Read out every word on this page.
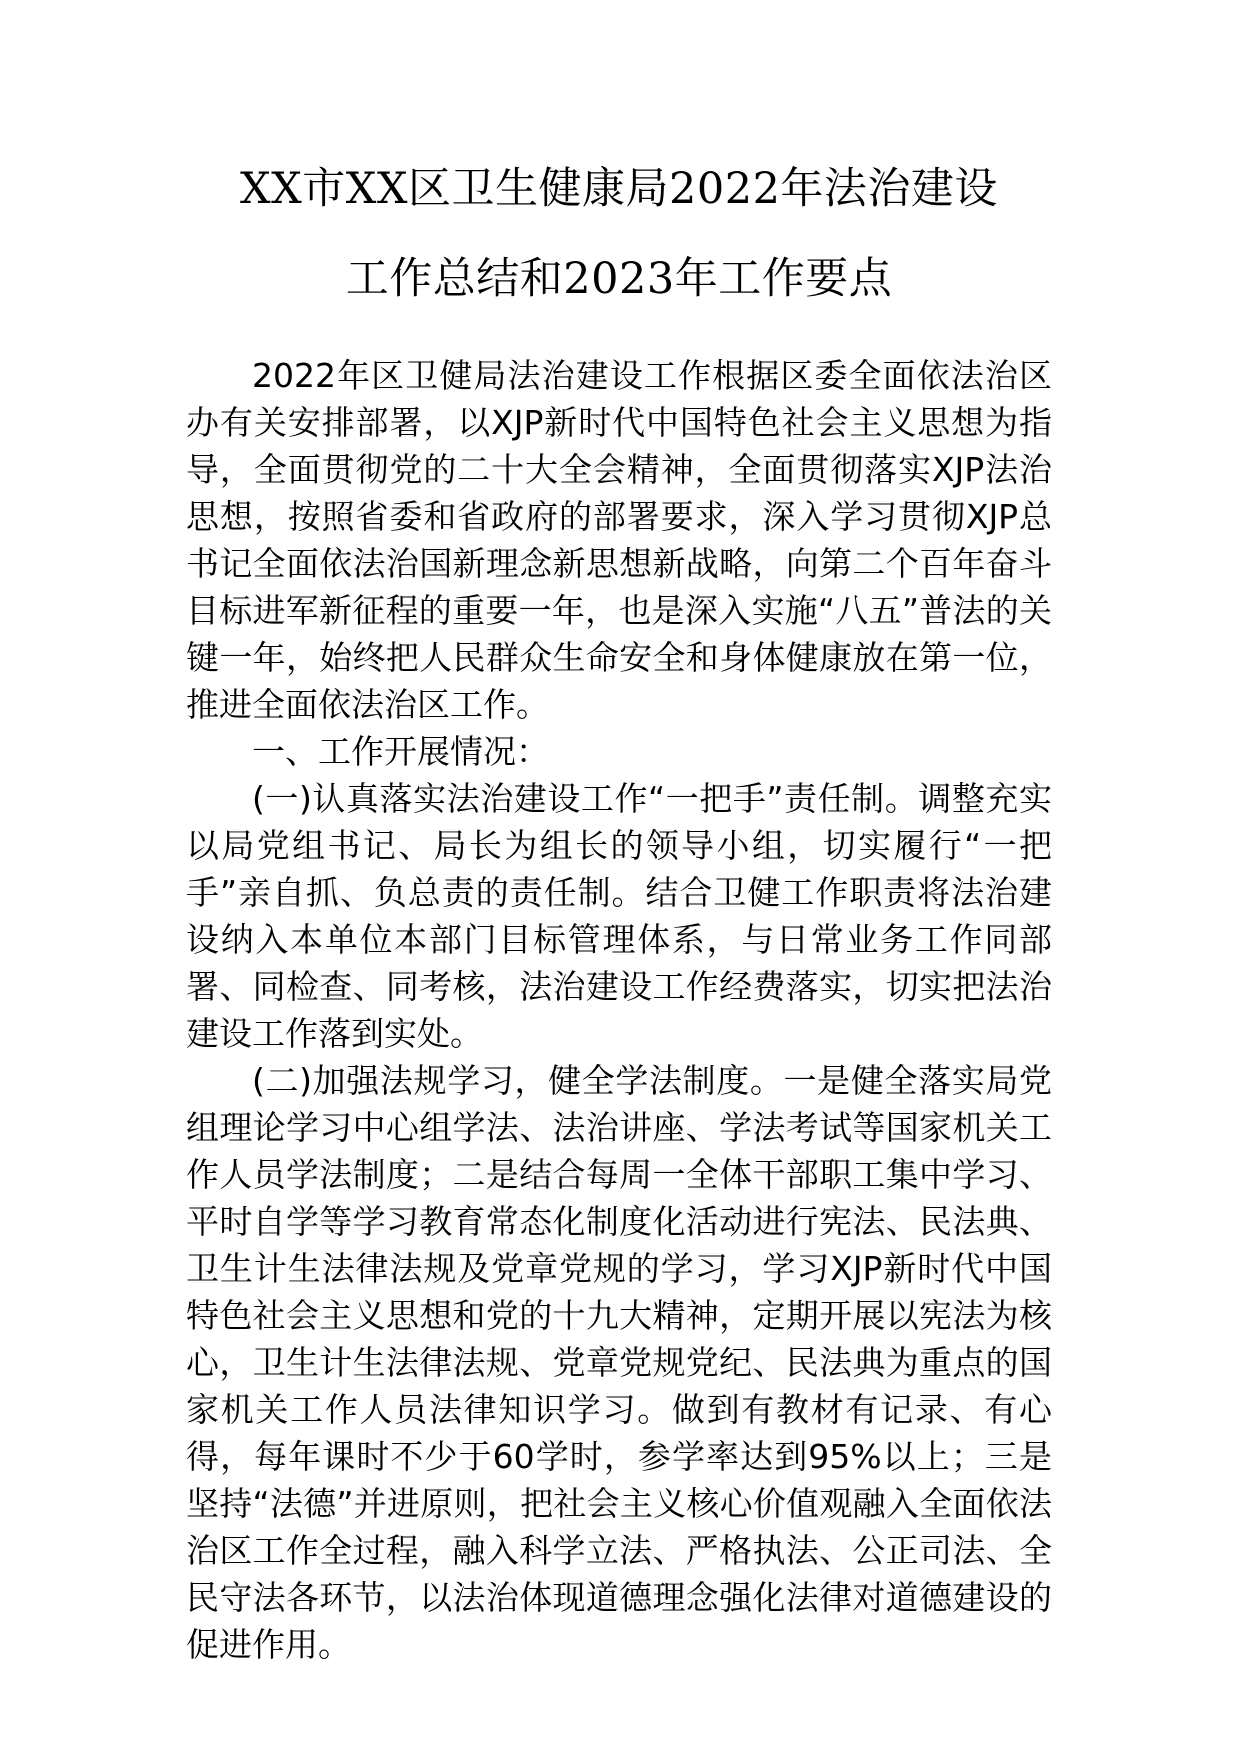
XX市XX区卫生健康局2022年法治建设
工作总结和2023年工作要点

2022年区卫健局法治建设工作根据区委全面依法治区办有关安排部署，以XJP新时代中国特色社会主义思想为指导，全面贯彻党的二十大全会精神，全面贯彻落实XJP法治思想，按照省委和省政府的部署要求，深入学习贯彻XJP总书记全面依法治国新理念新思想新战略，向第二个百年奋斗目标进军新征程的重要一年，也是深入实施“八五”普法的关键一年，始终把人民群众生命安全和身体健康放在第一位，推进全面依法治区工作。

一、工作开展情况：

(一)认真落实法治建设工作“一把手”责任制。调整充实以局党组书记、局长为组长的领导小组，切实履行“一把手”亲自抓、负总责的责任制。结合卫健工作职责将法治建设纳入本单位本部门目标管理体系，与日常业务工作同部署、同检查、同考核，法治建设工作经费落实，切实把法治建设工作落到实处。

(二)加强法规学习，健全学法制度。一是健全落实局党组理论学习中心组学法、法治讲座、学法考试等国家机关工作人员学法制度；二是结合每周一全体干部职工集中学习、平时自学等学习教育常态化制度化活动进行宪法、民法典、卫生计生法律法规及党章党规的学习，学习XJP新时代中国特色社会主义思想和党的十九大精神，定期开展以宪法为核心，卫生计生法律法规、党章党规党纪、民法典为重点的国家机关工作人员法律知识学习。做到有教材有记录、有心得，每年课时不少于60学时，参学率达到95%以上；三是坚持“法德”并进原则，把社会主义核心价值观融入全面依法治区工作全过程，融入科学立法、严格执法、公正司法、全民守法各环节，以法治体现道德理念强化法律对道德建设的促进作用。
